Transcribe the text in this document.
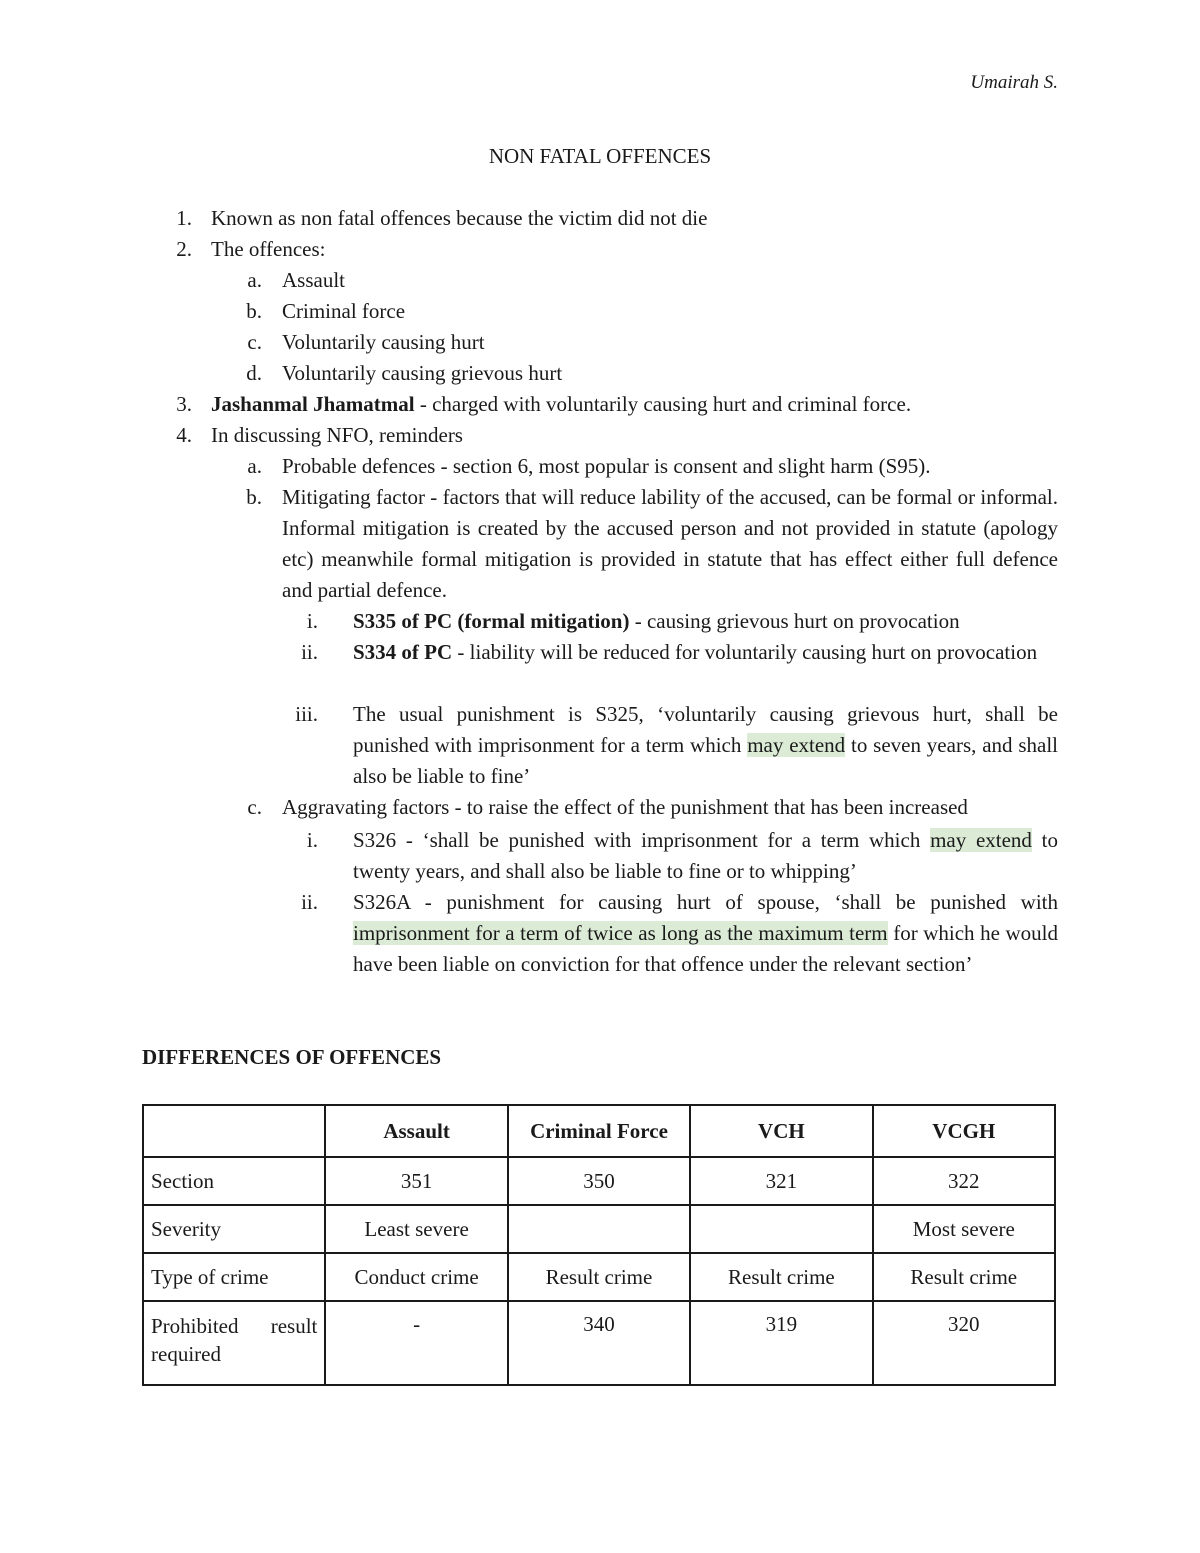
Umairah S.
NON FATAL OFFENCES
1. Known as non fatal offences because the victim did not die
2. The offences:
a. Assault
b. Criminal force
c. Voluntarily causing hurt
d. Voluntarily causing grievous hurt
3. Jashanmal Jhamatmal - charged with voluntarily causing hurt and criminal force.
4. In discussing NFO, reminders
a. Probable defences - section 6, most popular is consent and slight harm (S95).
b. Mitigating factor - factors that will reduce lability of the accused, can be formal or informal. Informal mitigation is created by the accused person and not provided in statute (apology etc) meanwhile formal mitigation is provided in statute that has effect either full defence and partial defence.
i. S335 of PC (formal mitigation) - causing grievous hurt on provocation
ii. S334 of PC - liability will be reduced for voluntarily causing hurt on provocation
iii. The usual punishment is S325, ‘voluntarily causing grievous hurt, shall be punished with imprisonment for a term which may extend to seven years, and shall also be liable to fine’
c. Aggravating factors - to raise the effect of the punishment that has been increased
i. S326 - ‘shall be punished with imprisonment for a term which may extend to twenty years, and shall also be liable to fine or to whipping’
ii. S326A - punishment for causing hurt of spouse, ‘shall be punished with imprisonment for a term of twice as long as the maximum term for which he would have been liable on conviction for that offence under the relevant section’
DIFFERENCES OF OFFENCES
	Assault	Criminal Force	VCH	VCGH
Section	351	350	321	322
Severity	Least severe			Most severe
Type of crime	Conduct crime	Result crime	Result crime	Result crime

Prohibited result required	-	340	319	320
